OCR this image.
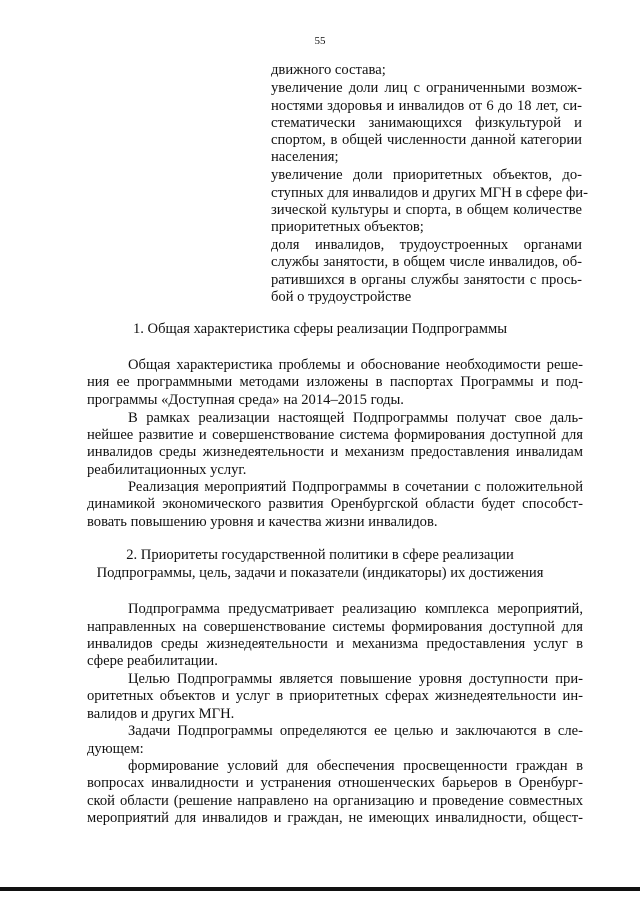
55
движного состава;
увеличение доли лиц с ограниченными возмож-
ностями здоровья и инвалидов от 6 до 18 лет, си-
стематически занимающихся физкультурой и
спортом, в общей численности данной категории
населения;
увеличение доли приоритетных объектов, до-
ступных для инвалидов и других МГН в сфере фи-
зической культуры и спорта, в общем количестве
приоритетных объектов;
доля инвалидов, трудоустроенных органами
службы занятости, в общем числе инвалидов, об-
ратившихся в органы службы занятости с прось-
бой о трудоустройстве
1. Общая характеристика сферы реализации Подпрограммы
Общая характеристика проблемы и обоснование необходимости реше-
ния ее программными методами изложены в паспортах Программы и под-
программы «Доступная среда» на 2014–2015 годы.
В рамках реализации настоящей Подпрограммы получат свое даль-
нейшее развитие и совершенствование система формирования доступной для
инвалидов среды жизнедеятельности и механизм предоставления инвалидам
реабилитационных услуг.
Реализация мероприятий Подпрограммы в сочетании с положительной
динамикой экономического развития Оренбургской области будет способст-
вовать повышению уровня и качества жизни инвалидов.
2. Приоритеты государственной политики в сфере реализации
Подпрограммы, цель, задачи и показатели (индикаторы) их достижения
Подпрограмма предусматривает реализацию комплекса мероприятий,
направленных на совершенствование системы формирования доступной для
инвалидов среды жизнедеятельности и механизма предоставления услуг в
сфере реабилитации.
Целью Подпрограммы является повышение уровня доступности при-
оритетных объектов и услуг в приоритетных сферах жизнедеятельности ин-
валидов и других МГН.
Задачи Подпрограммы определяются ее целью и заключаются в сле-
дующем:
формирование условий для обеспечения просвещенности граждан в
вопросах инвалидности и устранения отношенческих барьеров в Оренбург-
ской области (решение направлено на организацию и проведение совместных
мероприятий для инвалидов и граждан, не имеющих инвалидности, общест-
